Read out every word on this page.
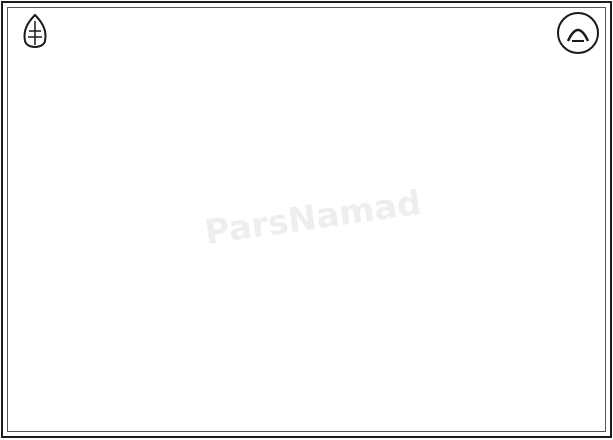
ParsNamad
